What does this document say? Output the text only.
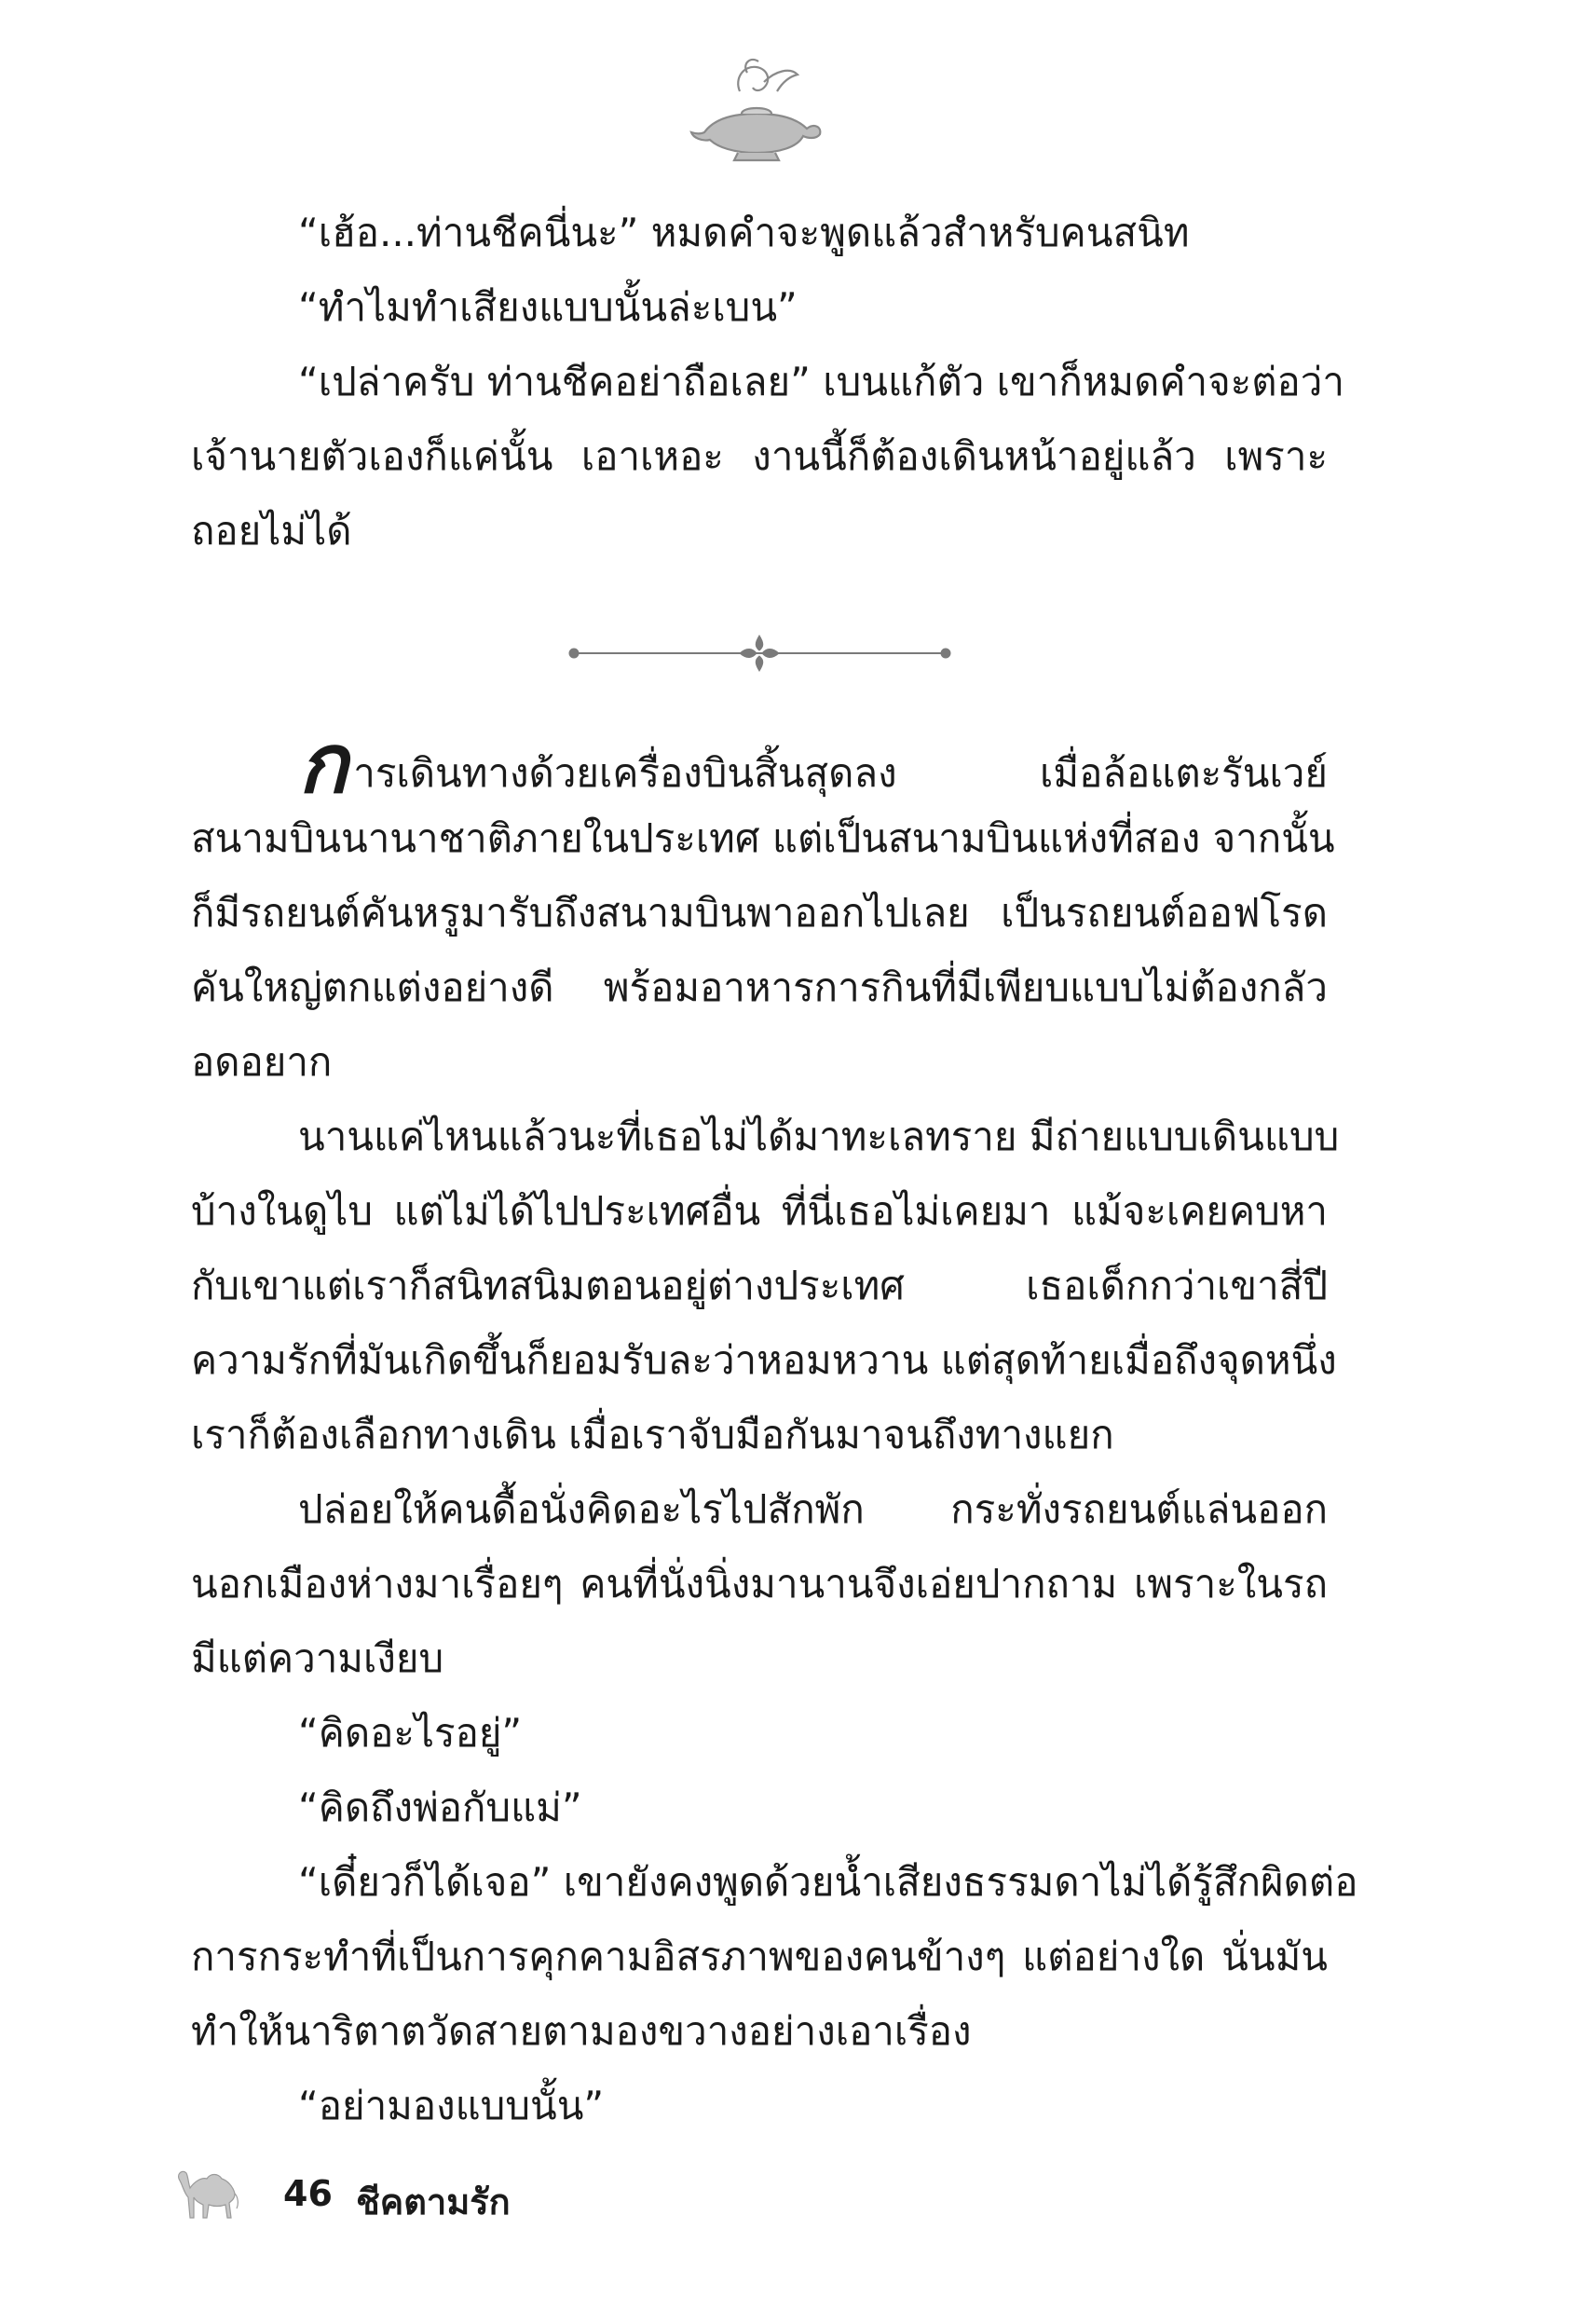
“เฮ้อ...ท่านชีคนี่นะ” หมดคำจะพูดแล้วสำหรับคนสนิท
“ทำไมทำเสียงแบบนั้นล่ะเบน”
“เปล่าครับ ท่านชีคอย่าถือเลย” เบนแก้ตัว เขาก็หมดคำจะต่อว่า
เจ้านายตัวเองก็แค่นั้น เอาเหอะ งานนี้ก็ต้องเดินหน้าอยู่แล้ว เพราะ
ถอยไม่ได้
การเดินทางด้วยเครื่องบินสิ้นสุดลง เมื่อล้อแตะรันเวย์
สนามบินนานาชาติภายในประเทศ แต่เป็นสนามบินแห่งที่สอง จากนั้น
ก็มีรถยนต์คันหรูมารับถึงสนามบินพาออกไปเลย เป็นรถยนต์ออฟโรด
คันใหญ่ตกแต่งอย่างดี พร้อมอาหารการกินที่มีเพียบแบบไม่ต้องกลัว
อดอยาก
นานแค่ไหนแล้วนะที่เธอไม่ได้มาทะเลทราย มีถ่ายแบบเดินแบบ
บ้างในดูไบ แต่ไม่ได้ไปประเทศอื่น ที่นี่เธอไม่เคยมา แม้จะเคยคบหา
กับเขาแต่เราก็สนิทสนิมตอนอยู่ต่างประเทศ เธอเด็กกว่าเขาสี่ปี
ความรักที่มันเกิดขึ้นก็ยอมรับละว่าหอมหวาน แต่สุดท้ายเมื่อถึงจุดหนึ่ง
เราก็ต้องเลือกทางเดิน เมื่อเราจับมือกันมาจนถึงทางแยก
ปล่อยให้คนดื้อนั่งคิดอะไรไปสักพัก กระทั่งรถยนต์แล่นออก
นอกเมืองห่างมาเรื่อยๆ คนที่นั่งนิ่งมานานจึงเอ่ยปากถาม เพราะในรถ
มีแต่ความเงียบ
“คิดอะไรอยู่”
“คิดถึงพ่อกับแม่”
“เดี๋ยวก็ได้เจอ” เขายังคงพูดด้วยน้ำเสียงธรรมดาไม่ได้รู้สึกผิดต่อ
การกระทำที่เป็นการคุกคามอิสรภาพของคนข้างๆ แต่อย่างใด นั่นมัน
ทำให้นาริตาตวัดสายตามองขวางอย่างเอาเรื่อง
“อย่ามองแบบนั้น”
46 ชีคตามรัก
